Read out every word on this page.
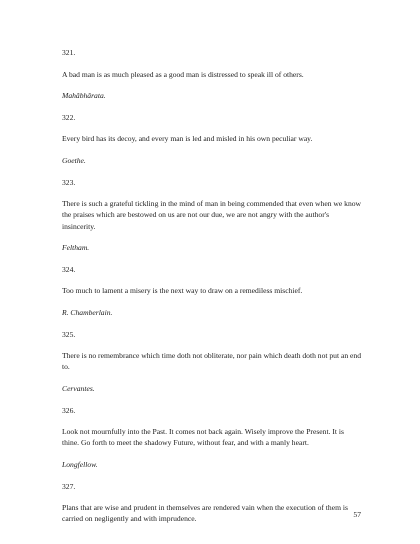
321.

A bad man is as much pleased as a good man is distressed to speak ill of others.

Mahâbhârata.

322.

Every bird has its decoy, and every man is led and misled in his own peculiar way.

Goethe.

323.

There is such a grateful tickling in the mind of man in being commended that even when we know the praises which are bestowed on us are not our due, we are not angry with the author's insincerity.

Feltham.

324.

Too much to lament a misery is the next way to draw on a remediless mischief.

R. Chamberlain.

325.

There is no remembrance which time doth not obliterate, nor pain which death doth not put an end to.

Cervantes.

326.

Look not mournfully into the Past. It comes not back again. Wisely improve the Present. It is thine. Go forth to meet the shadowy Future, without fear, and with a manly heart.

Longfellow.

327.

Plans that are wise and prudent in themselves are rendered vain when the execution of them is carried on negligently and with imprudence.	57
